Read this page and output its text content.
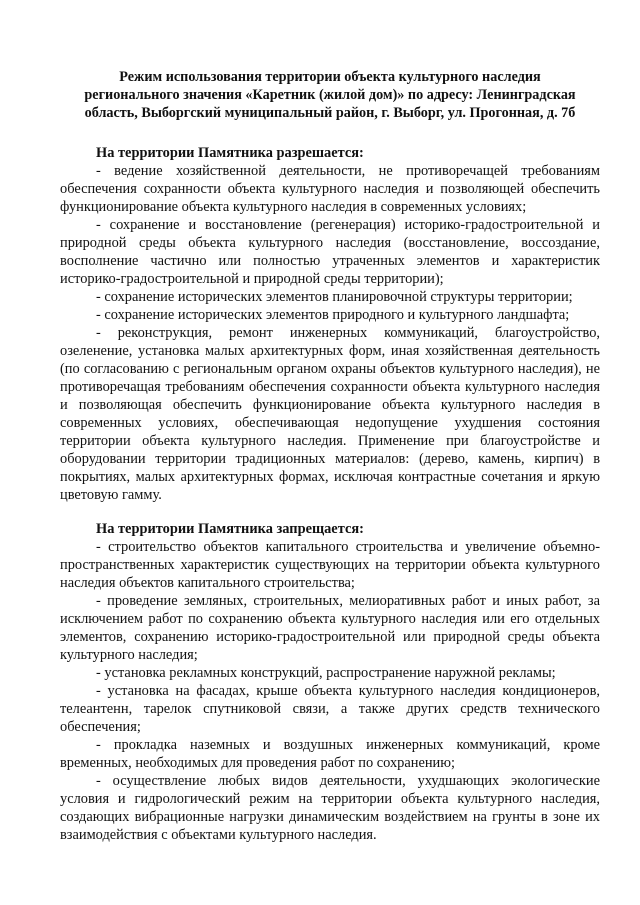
Режим использования территории объекта культурного наследия
регионального значения «Каретник (жилой дом)» по адресу: Ленинградская
область, Выборгский муниципальный район, г. Выборг, ул. Прогонная, д. 7б

На территории Памятника разрешается:

- ведение хозяйственной деятельности, не противоречащей требованиям обеспечения сохранности объекта культурного наследия и позволяющей обеспечить функционирование объекта культурного наследия в современных условиях;

- сохранение и восстановление (регенерация) историко-градостроительной и природной среды объекта культурного наследия (восстановление, воссоздание, восполнение частично или полностью утраченных элементов и характеристик историко-градостроительной и природной среды территории);

- сохранение исторических элементов планировочной структуры территории;

- сохранение исторических элементов природного и культурного ландшафта;

- реконструкция, ремонт инженерных коммуникаций, благоустройство, озеленение, установка малых архитектурных форм, иная хозяйственная деятельность (по согласованию с региональным органом охраны объектов культурного наследия), не противоречащая требованиям обеспечения сохранности объекта культурного наследия и позволяющая обеспечить функционирование объекта культурного наследия в современных условиях, обеспечивающая недопущение ухудшения состояния территории объекта культурного наследия. Применение при благоустройстве и оборудовании территории традиционных материалов: (дерево, камень, кирпич) в покрытиях, малых архитектурных формах, исключая контрастные сочетания и яркую цветовую гамму.

На территории Памятника запрещается:

- строительство объектов капитального строительства и увеличение объемно-пространственных характеристик существующих на территории объекта культурного наследия объектов капитального строительства;

- проведение земляных, строительных, мелиоративных работ и иных работ, за исключением работ по сохранению объекта культурного наследия или его отдельных элементов, сохранению историко-градостроительной или природной среды объекта культурного наследия;

- установка рекламных конструкций, распространение наружной рекламы;

- установка на фасадах, крыше объекта культурного наследия кондиционеров, телеантенн, тарелок спутниковой связи, а также других средств технического обеспечения;

- прокладка наземных и воздушных инженерных коммуникаций, кроме временных, необходимых для проведения работ по сохранению;

- осуществление любых видов деятельности, ухудшающих экологические условия и гидрологический режим на территории объекта культурного наследия, создающих вибрационные нагрузки динамическим воздействием на грунты в зоне их взаимодействия с объектами культурного наследия.
